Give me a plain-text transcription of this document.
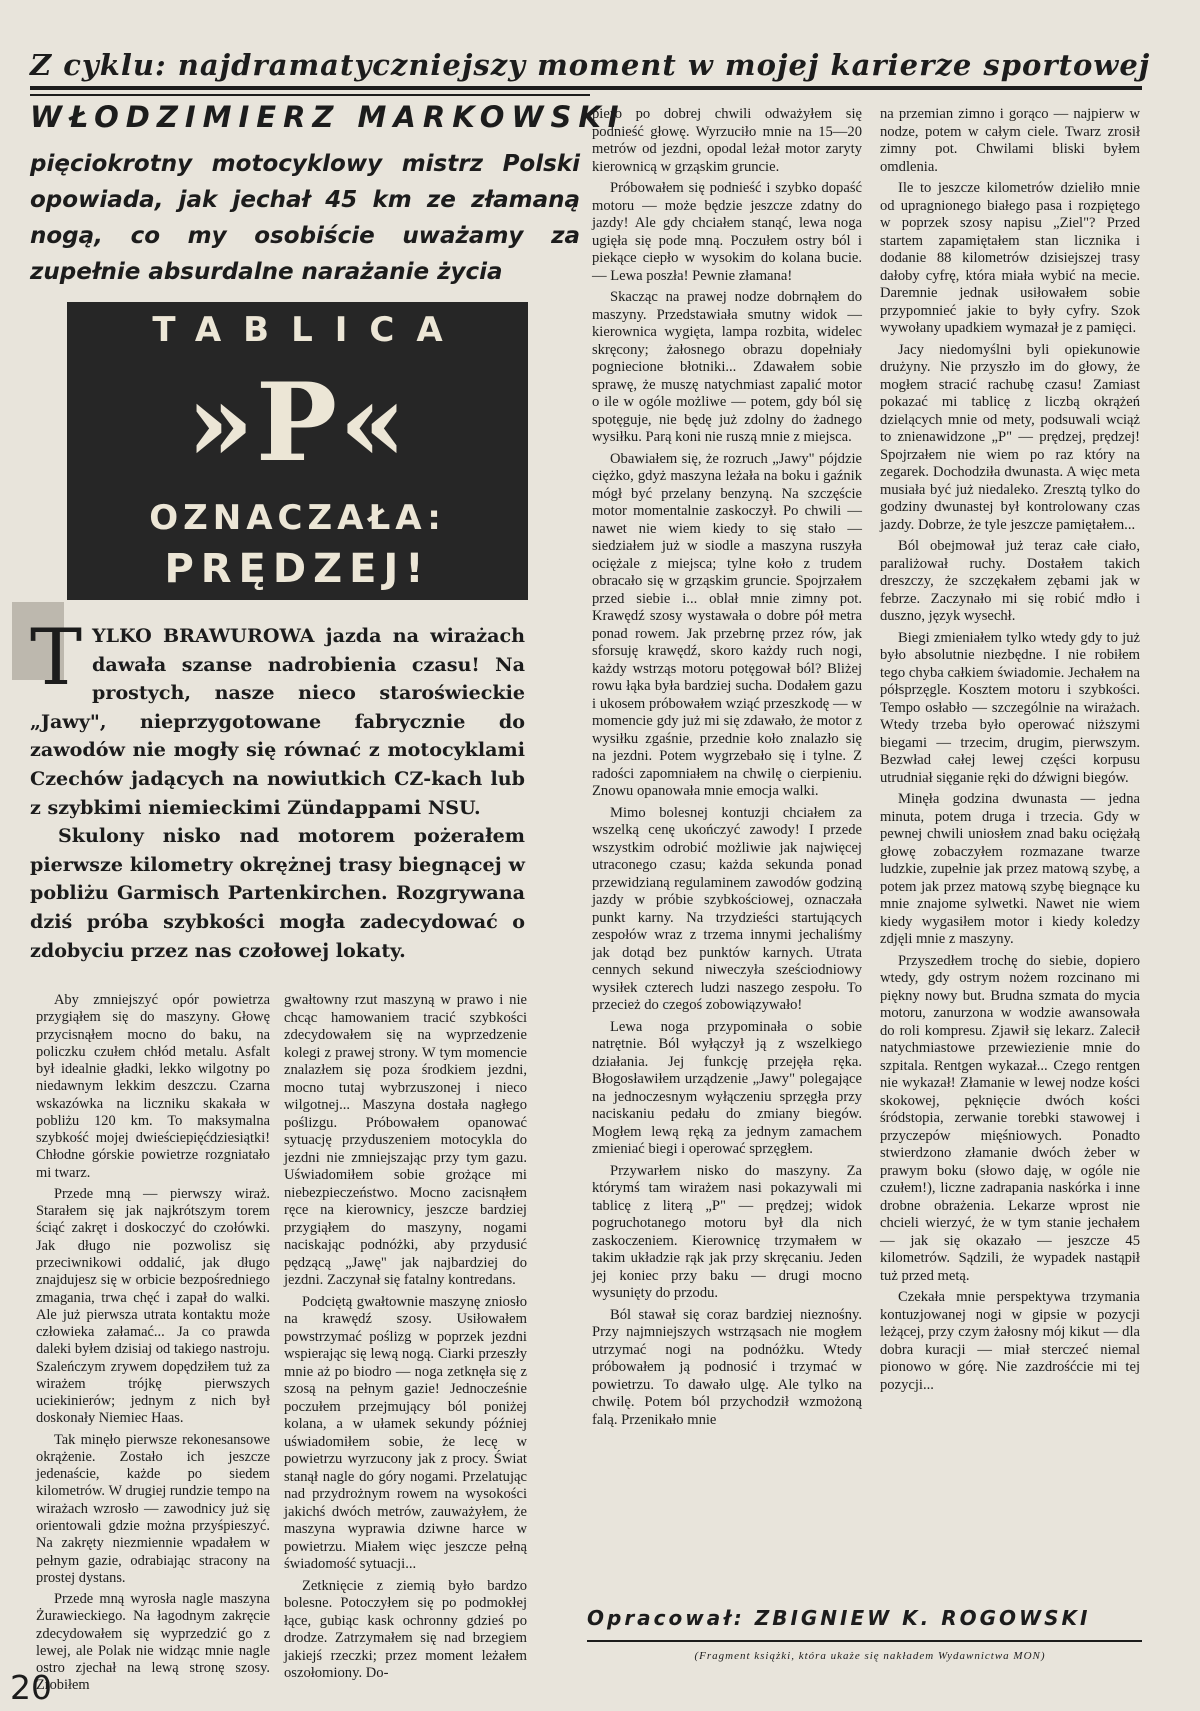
Z cyklu: najdramatyczniejszy moment w mojej karierze sportowej
WŁODZIMIERZ MARKOWSKI
pięciokrotny motocyklowy mistrz Polski opowiada, jak jechał 45 km ze złamaną nogą, co my osobiście uważamy za zupełnie absurdalne narażanie życia
TABLICA
»P«
OZNACZAŁA:
PRĘDZEJ!

TYLKO BRAWUROWA jazda na wirażach dawała szanse nadrobienia czasu! Na prostych, nasze nieco staroświeckie „Jawy", nieprzygotowane fabrycznie do zawodów nie mogły się równać z motocyklami Czechów jadących na nowiutkich CZ-kach lub z szybkimi niemieckimi Zündappami NSU.

Skulony nisko nad motorem pożerałem pierwsze kilometry okrężnej trasy biegnącej w pobliżu Garmisch Partenkirchen. Rozgrywana dziś próba szybkości mogła zadecydować o zdobyciu przez nas czołowej lokaty.

Aby zmniejszyć opór powietrza przygiąłem się do maszyny. Głowę przycisnąłem mocno do baku, na policzku czułem chłód metalu. Asfalt był idealnie gładki, lekko wilgotny po niedawnym lekkim deszczu. Czarna wskazówka na liczniku skakała w pobliżu 120 km. To maksymalna szybkość mojej dwieściepięćdziesiątki! Chłodne górskie powietrze rozgniatało mi twarz.

Przede mną — pierwszy wiraż. Starałem się jak najkrótszym torem ściąć zakręt i doskoczyć do czołówki. Jak długo nie pozwolisz się przeciwnikowi oddalić, jak długo znajdujesz się w orbicie bezpośredniego zmagania, trwa chęć i zapał do walki. Ale już pierwsza utrata kontaktu może człowieka załamać... Ja co prawda daleki byłem dzisiaj od takiego nastroju. Szaleńczym zrywem dopędziłem tuż za wirażem trójkę pierwszych uciekinierów; jednym z nich był doskonały Niemiec Haas.

Tak minęło pierwsze rekonesansowe okrążenie. Zostało ich jeszcze jedenaście, każde po siedem kilometrów. W drugiej rundzie tempo na wirażach wzrosło — zawodnicy już się orientowali gdzie można przyśpieszyć. Na zakręty niezmiennie wpadałem w pełnym gazie, odrabiając stracony na prostej dystans.

Przede mną wyrosła nagle maszyna Żurawieckiego. Na łagodnym zakręcie zdecydowałem się wyprzedzić go z lewej, ale Polak nie widząc mnie nagle ostro zjechał na lewą stronę szosy. Zrobiłem

gwałtowny rzut maszyną w prawo i nie chcąc hamowaniem tracić szybkości zdecydowałem się na wyprzedzenie kolegi z prawej strony. W tym momencie znalazłem się poza środkiem jezdni, mocno tutaj wybrzuszonej i nieco wilgotnej... Maszyna dostała nagłego poślizgu. Próbowałem opanować sytuację przyduszeniem motocykla do jezdni nie zmniejszając przy tym gazu. Uświadomiłem sobie grożące mi niebezpieczeństwo. Mocno zacisnąłem ręce na kierownicy, jeszcze bardziej przygiąłem do maszyny, nogami naciskając podnóżki, aby przydusić pędzącą „Jawę" jak najbardziej do jezdni. Zaczynał się fatalny kontredans.

Podciętą gwałtownie maszynę zniosło na krawędź szosy. Usiłowałem powstrzymać poślizg w poprzek jezdni wspierając się lewą nogą. Ciarki przeszły mnie aż po biodro — noga zetknęła się z szosą na pełnym gazie! Jednocześnie poczułem przejmujący ból poniżej kolana, a w ułamek sekundy później uświadomiłem sobie, że lecę w powietrzu wyrzucony jak z procy. Świat stanął nagle do góry nogami. Przelatując nad przydrożnym rowem na wysokości jakichś dwóch metrów, zauważyłem, że maszyna wyprawia dziwne harce w powietrzu. Miałem więc jeszcze pełną świadomość sytuacji...

Zetknięcie z ziemią było bardzo bolesne. Potoczyłem się po podmokłej łące, gubiąc kask ochronny gdzieś po drodze. Zatrzymałem się nad brzegiem jakiejś rzeczki; przez moment leżałem oszołomiony. Do-

piero po dobrej chwili odważyłem się podnieść głowę. Wyrzuciło mnie na 15—20 metrów od jezdni, opodal leżał motor zaryty kierownicą w grząskim gruncie.

Próbowałem się podnieść i szybko dopaść motoru — może będzie jeszcze zdatny do jazdy! Ale gdy chciałem stanąć, lewa noga ugięła się pode mną. Poczułem ostry ból i piekące ciepło w wysokim do kolana bucie. — Lewa poszła! Pewnie złamana!

Skacząc na prawej nodze dobrnąłem do maszyny. Przedstawiała smutny widok — kierownica wygięta, lampa rozbita, widelec skręcony; żałosnego obrazu dopełniały pogniecione błotniki... Zdawałem sobie sprawę, że muszę natychmiast zapalić motor o ile w ogóle możliwe — potem, gdy ból się spotęguje, nie będę już zdolny do żadnego wysiłku. Parą koni nie ruszą mnie z miejsca.

Obawiałem się, że rozruch „Jawy" pójdzie ciężko, gdyż maszyna leżała na boku i gaźnik mógł być przelany benzyną. Na szczęście motor momentalnie zaskoczył. Po chwili — nawet nie wiem kiedy to się stało — siedziałem już w siodle a maszyna ruszyła ociężale z miejsca; tylne koło z trudem obracało się w grząskim gruncie. Spojrzałem przed siebie i... oblał mnie zimny pot. Krawędź szosy wystawała o dobre pół metra ponad rowem. Jak przebrnę przez rów, jak sforsuję krawędź, skoro każdy ruch nogi, każdy wstrząs motoru potęgował ból? Bliżej rowu łąka była bardziej sucha. Dodałem gazu i ukosem próbowałem wziąć przeszkodę — w momencie gdy już mi się zdawało, że motor z wysiłku zgaśnie, przednie koło znalazło się na jezdni. Potem wygrzebało się i tylne. Z radości zapomniałem na chwilę o cierpieniu. Znowu opanowała mnie emocja walki.

Mimo bolesnej kontuzji chciałem za wszelką cenę ukończyć zawody! I przede wszystkim odrobić możliwie jak najwięcej utraconego czasu; każda sekunda ponad przewidzianą regulaminem zawodów godziną jazdy w próbie szybkościowej, oznaczała punkt karny. Na trzydzieści startujących zespołów wraz z trzema innymi jechaliśmy jak dotąd bez punktów karnych. Utrata cennych sekund niweczyła sześciodniowy wysiłek czterech ludzi naszego zespołu. To przecież do czegoś zobowiązywało!

Lewa noga przypominała o sobie natrętnie. Ból wyłączył ją z wszelkiego działania. Jej funkcję przejęła ręka. Błogosławiłem urządzenie „Jawy" polegające na jednoczesnym wyłączeniu sprzęgła przy naciskaniu pedału do zmiany biegów. Mogłem lewą ręką za jednym zamachem zmieniać biegi i operować sprzęgłem.

Przywarłem nisko do maszyny. Za którymś tam wirażem nasi pokazywali mi tablicę z literą „P" — prędzej; widok pogruchotanego motoru był dla nich zaskoczeniem. Kierownicę trzymałem w takim układzie rąk jak przy skręcaniu. Jeden jej koniec przy baku — drugi mocno wysunięty do przodu.

Ból stawał się coraz bardziej nieznośny. Przy najmniejszych wstrząsach nie mogłem utrzymać nogi na podnóżku. Wtedy próbowałem ją podnosić i trzymać w powietrzu. To dawało ulgę. Ale tylko na chwilę. Potem ból przychodził wzmożoną falą. Przenikało mnie

na przemian zimno i gorąco — najpierw w nodze, potem w całym ciele. Twarz zrosił zimny pot. Chwilami bliski byłem omdlenia.

Ile to jeszcze kilometrów dzieliło mnie od upragnionego białego pasa i rozpiętego w poprzek szosy napisu „Ziel"? Przed startem zapamiętałem stan licznika i dodanie 88 kilometrów dzisiejszej trasy dałoby cyfrę, która miała wybić na mecie. Daremnie jednak usiłowałem sobie przypomnieć jakie to były cyfry. Szok wywołany upadkiem wymazał je z pamięci.

Jacy niedomyślni byli opiekunowie drużyny. Nie przyszło im do głowy, że mogłem stracić rachubę czasu! Zamiast pokazać mi tablicę z liczbą okrążeń dzielących mnie od mety, podsuwali wciąż to znienawidzone „P" — prędzej, prędzej! Spojrzałem nie wiem po raz który na zegarek. Dochodziła dwunasta. A więc meta musiała być już niedaleko. Zresztą tylko do godziny dwunastej był kontrolowany czas jazdy. Dobrze, że tyle jeszcze pamiętałem...

Ból obejmował już teraz całe ciało, paraliżował ruchy. Dostałem takich dreszczy, że szczękałem zębami jak w febrze. Zaczynało mi się robić mdło i duszno, język wysechł.

Biegi zmieniałem tylko wtedy gdy to już było absolutnie niezbędne. I nie robiłem tego chyba całkiem świadomie. Jechałem na półsprzęgle. Kosztem motoru i szybkości. Tempo osłabło — szczególnie na wirażach. Wtedy trzeba było operować niższymi biegami — trzecim, drugim, pierwszym. Bezwład całej lewej części korpusu utrudniał sięganie ręki do dźwigni biegów.

Minęła godzina dwunasta — jedna minuta, potem druga i trzecia. Gdy w pewnej chwili uniosłem znad baku ociężałą głowę zobaczyłem rozmazane twarze ludzkie, zupełnie jak przez matową szybę, a potem jak przez matową szybę biegnące ku mnie znajome sylwetki. Nawet nie wiem kiedy wygasiłem motor i kiedy koledzy zdjęli mnie z maszyny.

Przyszedłem trochę do siebie, dopiero wtedy, gdy ostrym nożem rozcinano mi piękny nowy but. Brudna szmata do mycia motoru, zanurzona w wodzie awansowała do roli kompresu. Zjawił się lekarz. Zalecił natychmiastowe przewiezienie mnie do szpitala. Rentgen wykazał... Czego rentgen nie wykazał! Złamanie w lewej nodze kości skokowej, pęknięcie dwóch kości śródstopia, zerwanie torebki stawowej i przyczepów mięśniowych. Ponadto stwierdzono złamanie dwóch żeber w prawym boku (słowo daję, w ogóle nie czułem!), liczne zadrapania naskórka i inne drobne obrażenia. Lekarze wprost nie chcieli wierzyć, że w tym stanie jechałem — jak się okazało — jeszcze 45 kilometrów. Sądzili, że wypadek nastąpił tuż przed metą.

Czekała mnie perspektywa trzymania kontuzjowanej nogi w gipsie w pozycji leżącej, przy czym żałosny mój kikut — dla dobra kuracji — miał sterczeć niemal pionowo w górę. Nie zazdrośćcie mi tej pozycji...

Opracował: ZBIGNIEW K. ROGOWSKI
(Fragment książki, która ukaże się nakładem Wydawnictwa MON)
20
